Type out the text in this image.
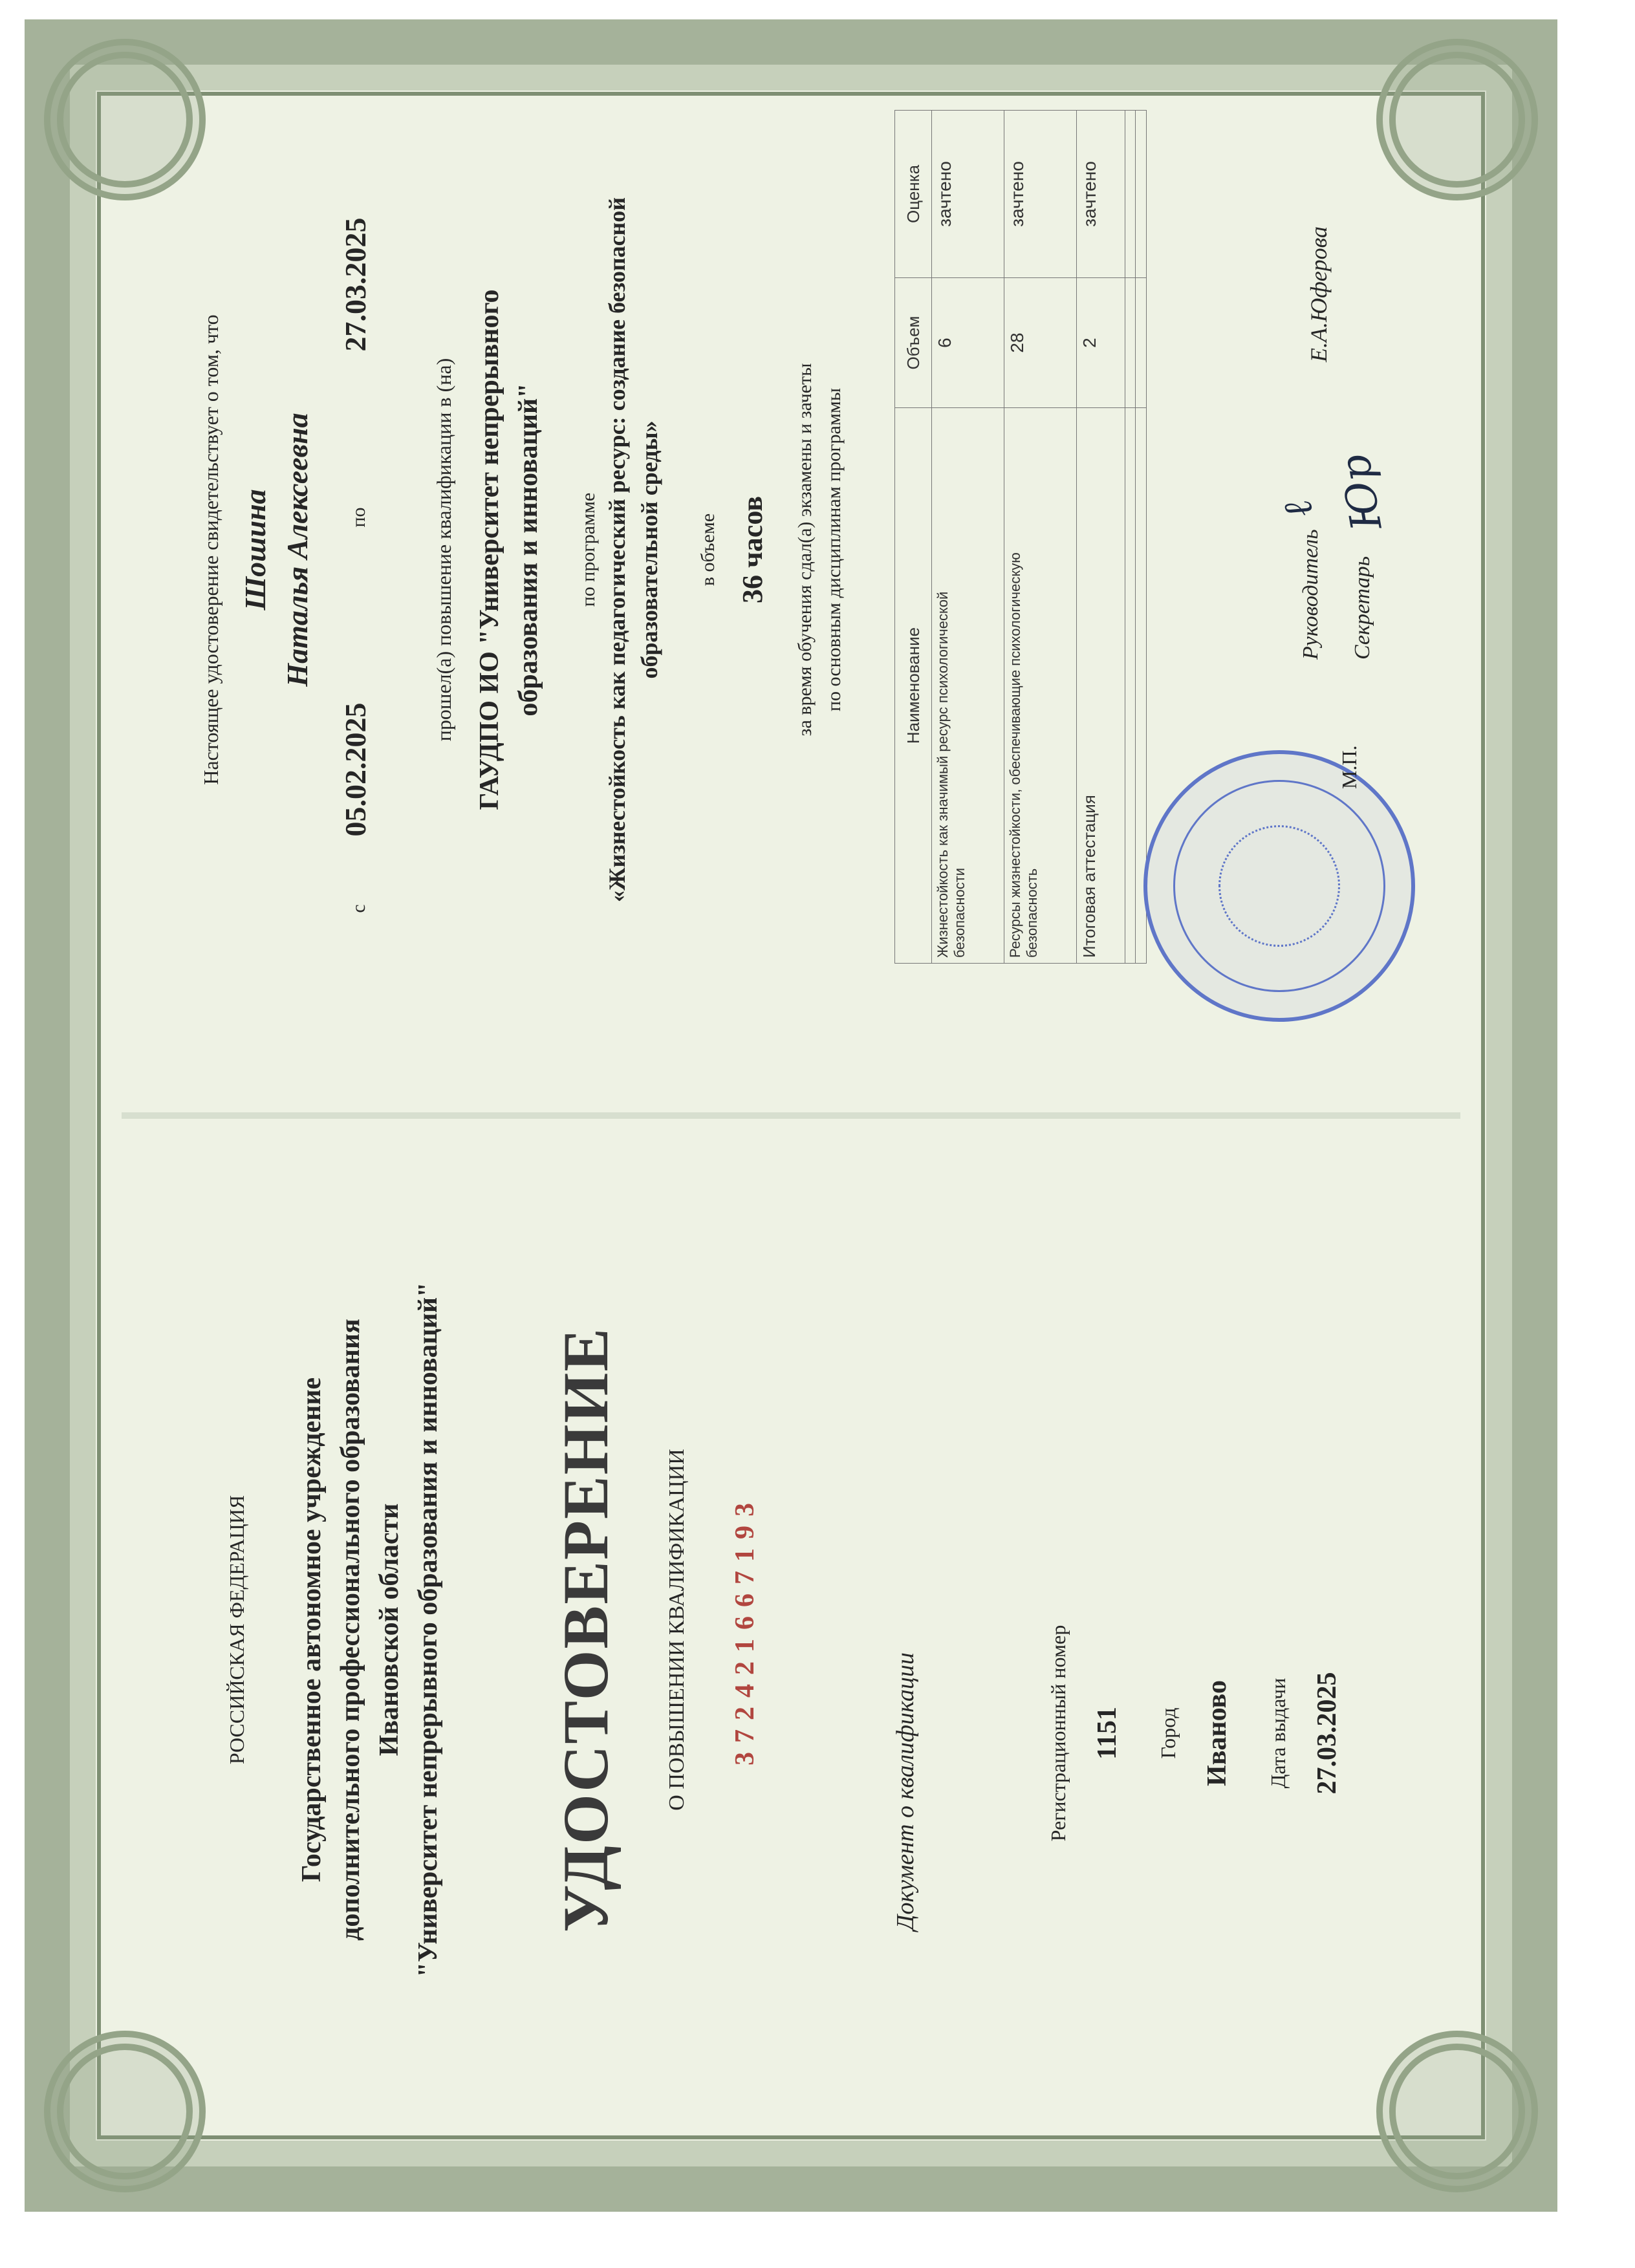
РОССИЙСКАЯ ФЕДЕРАЦИЯ Государственное автономное учреждение дополнительного профессионального образования Ивановской области "Университет непрерывного образования и инноваций" УДОСТОВЕРЕНИЕ О ПОВЫШЕНИИ КВАЛИФИКАЦИИ 372421667193
Документ о квалификации	Регистрационный номер 1151 Город Иваново Дата выдачи 27.03.2025
Настоящее удостоверение свидетельствует о том, что Шошина Наталья Алексеевна
с
05.02.2025
по
27.03.2025
прошел(а) повышение квалификации в (на) ГАУДПО ИО "Университет непрерывного образования и инноваций" по программе «Жизнестойкость как педагогический ресурс: создание безопасной образовательной среды» в объеме 36 часов за время обучения сдал(а) экзамены и зачеты по основным дисциплинам программы	Наименование	Объем	Оценка

Жизнестойкость как значимый ресурс психологической безопасности	6	зачтено

Ресурсы жизнестойкости, обеспечивающие психологическую безопасность	28	зачтено
Итоговая аттестация	2	зачтено

Руководитель
М.П.
Секретарь
ℓ Юр
Е.А.Юферова
